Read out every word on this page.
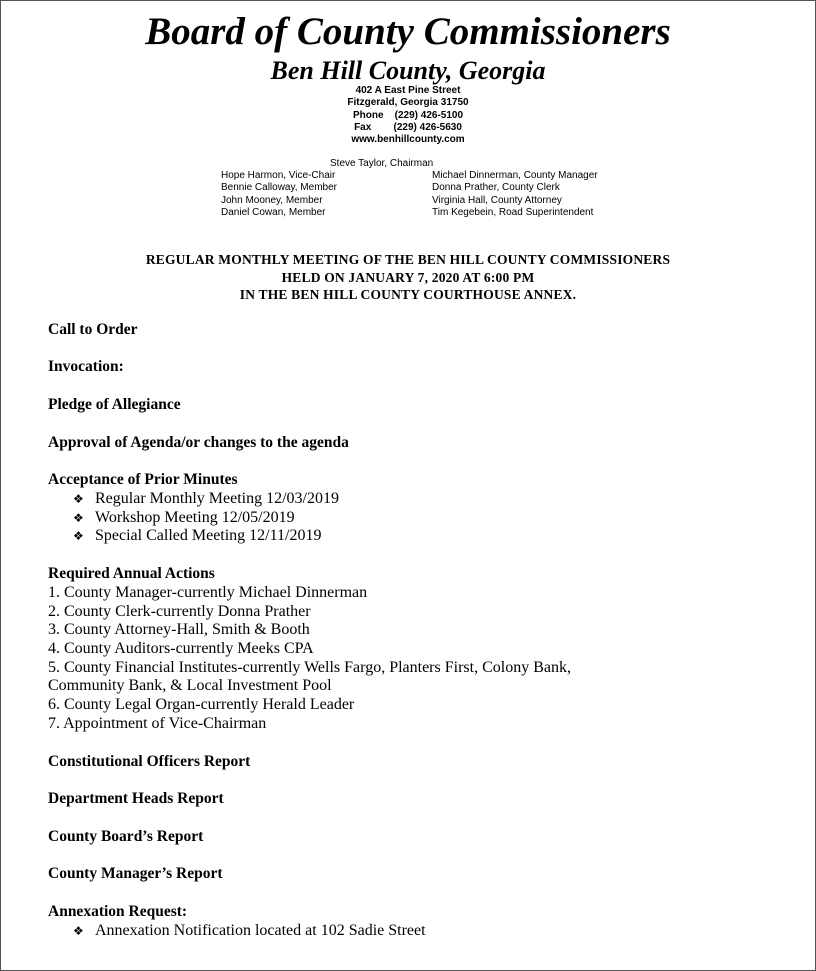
Board of County Commissioners
Ben Hill County, Georgia
402 A East Pine Street
Fitzgerald, Georgia 31750
Phone    (229) 426-5100
Fax        (229) 426-5630
www.benhillcounty.com
Steve Taylor, Chairman
Hope Harmon, Vice-Chair
Bennie Calloway, Member
John Mooney, Member
Daniel Cowan, Member
Michael Dinnerman, County Manager
Donna Prather, County Clerk
Virginia Hall, County Attorney
Tim Kegebein, Road Superintendent
REGULAR MONTHLY MEETING OF THE BEN HILL COUNTY COMMISSIONERS
HELD ON JANUARY 7, 2020 AT 6:00 PM
IN THE BEN HILL COUNTY COURTHOUSE ANNEX.
Call to Order
Invocation:
Pledge of Allegiance
Approval of Agenda/or changes to the agenda
Acceptance of Prior Minutes
❖ Regular Monthly Meeting 12/03/2019
❖ Workshop Meeting 12/05/2019
❖ Special Called Meeting 12/11/2019
Required Annual Actions
1. County Manager-currently Michael Dinnerman
2. County Clerk-currently Donna Prather
3. County Attorney-Hall, Smith & Booth
4. County Auditors-currently Meeks CPA
5. County Financial Institutes-currently Wells Fargo, Planters First, Colony Bank,
Community Bank, & Local Investment Pool
6. County Legal Organ-currently Herald Leader
7. Appointment of Vice-Chairman
Constitutional Officers Report
Department Heads Report
County Board’s Report
County Manager’s Report
Annexation Request:
❖ Annexation Notification located at 102 Sadie Street
